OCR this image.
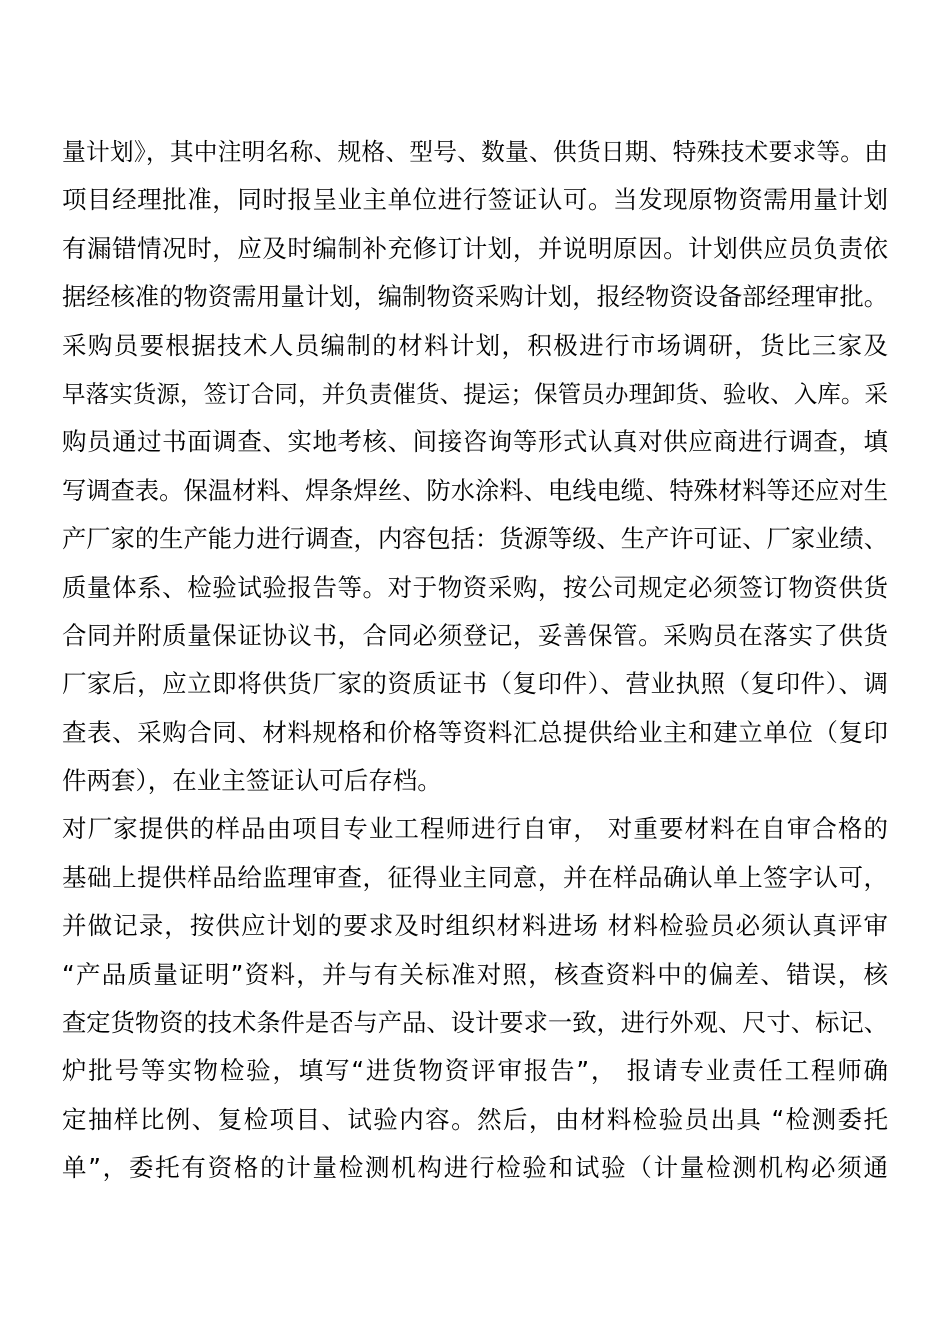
量计划》，其中注明名称、规格、型号、数量、供货日期、特殊技术要求等。由
项目经理批准，同时报呈业主单位进行签证认可。当发现原物资需用量计划
有漏错情况时，应及时编制补充修订计划，并说明原因。计划供应员负责依
据经核准的物资需用量计划，编制物资采购计划，报经物资设备部经理审批。
采购员要根据技术人员编制的材料计划，积极进行市场调研，货比三家及
早落实货源，签订合同，并负责催货、提运；保管员办理卸货、验收、入库。采
购员通过书面调查、实地考核、间接咨询等形式认真对供应商进行调查，填
写调查表。保温材料、焊条焊丝、防水涂料、电线电缆、特殊材料等还应对生
产厂家的生产能力进行调查，内容包括：货源等级、生产许可证、厂家业绩、
质量体系、检验试验报告等。对于物资采购，按公司规定必须签订物资供货
合同并附质量保证协议书，合同必须登记，妥善保管。采购员在落实了供货
厂家后，应立即将供货厂家的资质证书（复印件）、营业执照（复印件）、调
查表、采购合同、材料规格和价格等资料汇总提供给业主和建立单位（复印
件两套），在业主签证认可后存档。
对厂家提供的样品由项目专业工程师进行自审， 对重要材料在自审合格的
基础上提供样品给监理审查，征得业主同意，并在样品确认单上签字认可，
并做记录，按供应计划的要求及时组织材料进场 材料检验员必须认真评审
“产品质量证明”资料，并与有关标准对照，核查资料中的偏差、错误，核
查定货物资的技术条件是否与产品、设计要求一致，进行外观、尺寸、标记、
炉批号等实物检验，填写“进货物资评审报告”， 报请专业责任工程师确
定抽样比例、复检项目、试验内容。然后，由材料检验员出具 “检测委托
单”，委托有资格的计量检测机构进行检验和试验（计量检测机构必须通
